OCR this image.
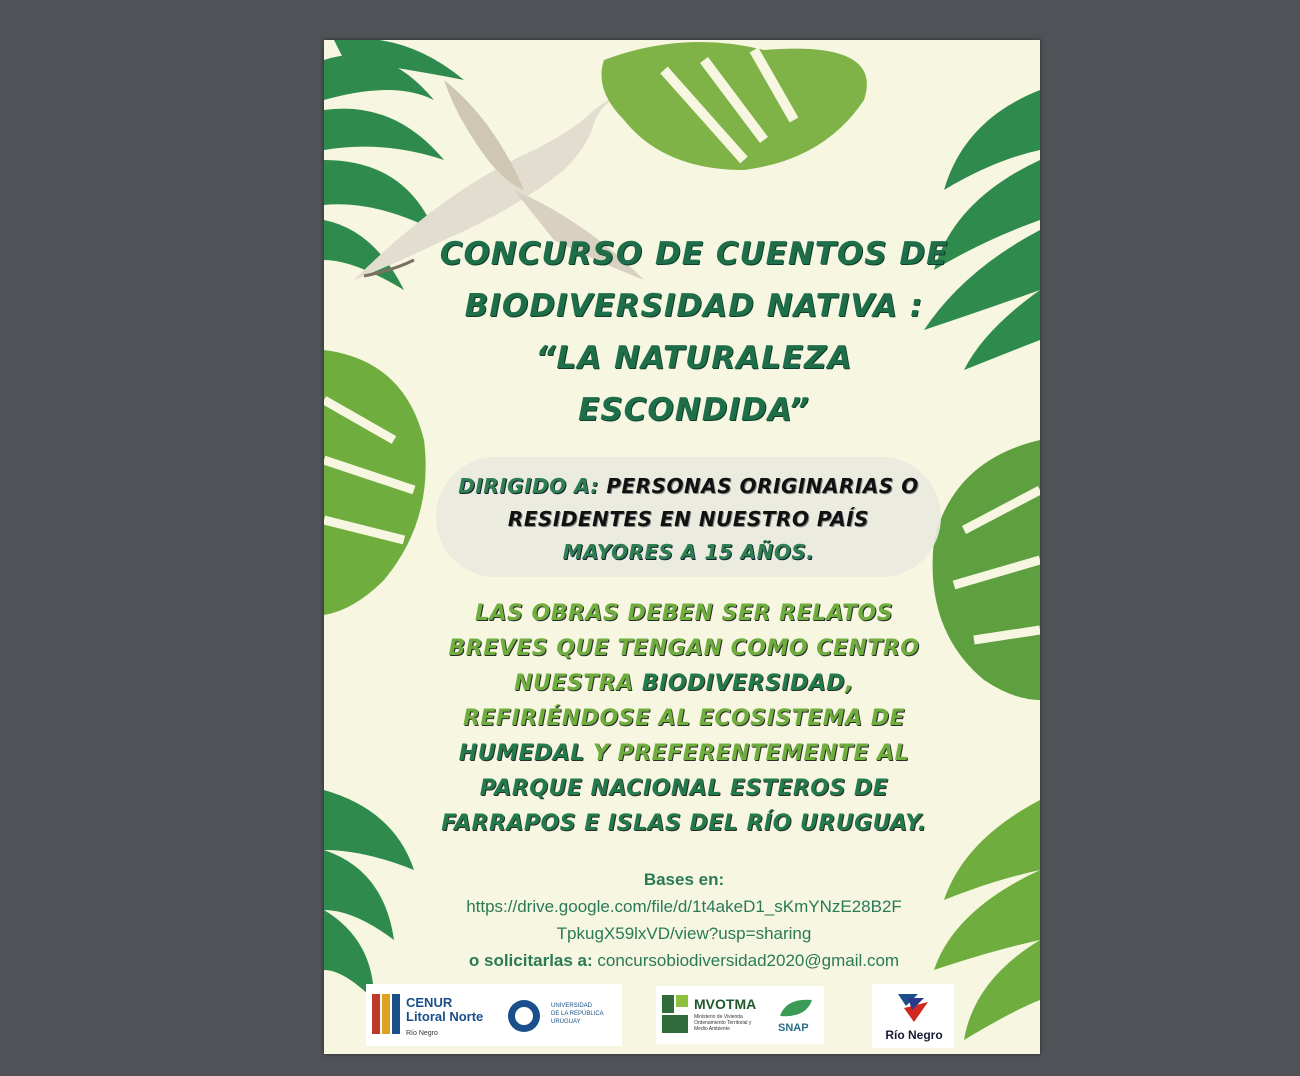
CONCURSO DE CUENTOS DE
BIODIVERSIDAD NATIVA :
“LA NATURALEZA
ESCONDIDA”
DIRIGIDO A: PERSONAS ORIGINARIAS O
RESIDENTES EN NUESTRO PAÍS
MAYORES A 15 AÑOS.
LAS OBRAS DEBEN SER RELATOS
BREVES QUE TENGAN COMO CENTRO
NUESTRA BIODIVERSIDAD,
REFIRIÉNDOSE AL ECOSISTEMA DE
HUMEDAL Y PREFERENTEMENTE AL
PARQUE NACIONAL ESTEROS DE
FARRAPOS E ISLAS DEL RÍO URUGUAY.
Bases en:
https://drive.google.com/file/d/1t4akeD1_sKmYNzE28B2F
TpkugX59lxVD/view?usp=sharing
o solicitarlas a: concursobiodiversidad2020@gmail.com
CENUR
Litoral Norte
Río Negro
UNIVERSIDAD
DE LA REPÚBLICA
URUGUAY
MVOTMA
Ministerio de Vivienda Ordenamiento Territorial y Medio Ambiente	SNAP	Río Negro
